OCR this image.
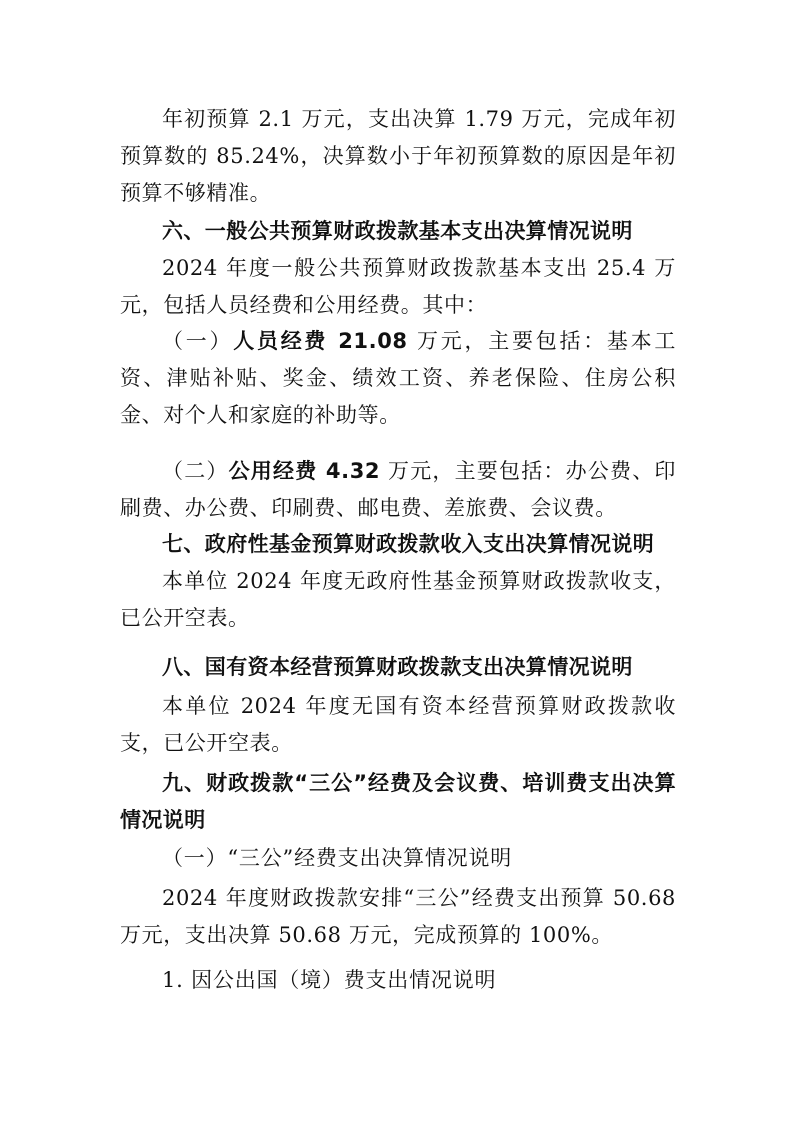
年初预算 2.1 万元，支出决算 1.79 万元，完成年初预算数的 85.24%，决算数小于年初预算数的原因是年初预算不够精准。

六、一般公共预算财政拨款基本支出决算情况说明

2024 年度一般公共预算财政拨款基本支出 25.4 万元，包括人员经费和公用经费。其中：

（一）人员经费 21.08 万元，主要包括：基本工资、津贴补贴、奖金、绩效工资、养老保险、住房公积金、对个人和家庭的补助等。

（二）公用经费 4.32 万元，主要包括：办公费、印刷费、办公费、印刷费、邮电费、差旅费、会议费。

七、政府性基金预算财政拨款收入支出决算情况说明

本单位 2024 年度无政府性基金预算财政拨款收支，已公开空表。

八、国有资本经营预算财政拨款支出决算情况说明

本单位 2024 年度无国有资本经营预算财政拨款收支，已公开空表。

九、财政拨款“三公”经费及会议费、培训费支出决算情况说明

（一）“三公”经费支出决算情况说明

2024 年度财政拨款安排“三公”经费支出预算 50.68 万元，支出决算 50.68 万元，完成预算的 100%。

1. 因公出国（境）费支出情况说明
